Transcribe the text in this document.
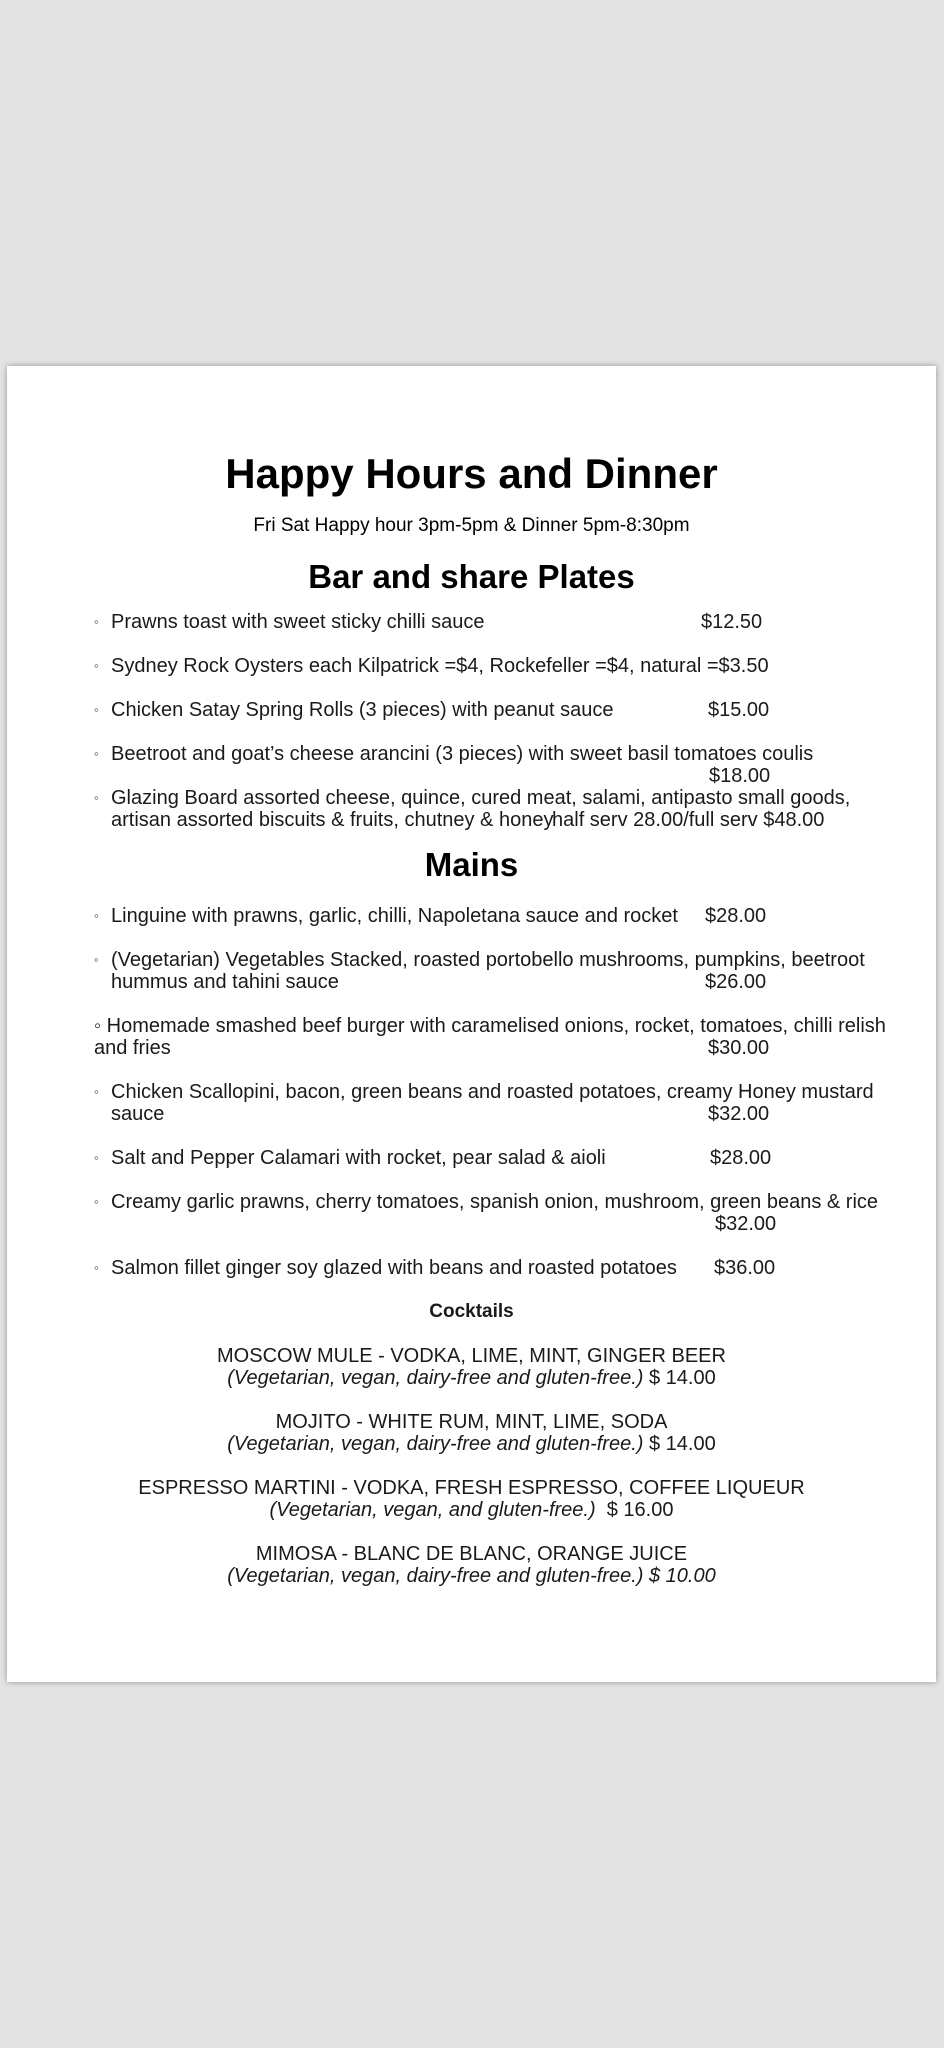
Happy Hours and Dinner
Fri Sat Happy hour 3pm-5pm & Dinner 5pm-8:30pm
Bar and share Plates
◦ Prawns toast with sweet sticky chilli sauce	$12.50
◦ Sydney Rock Oysters each Kilpatrick =$4, Rockefeller =$4, natural =$3.50
◦ Chicken Satay Spring Rolls (3 pieces) with peanut sauce	$15.00
◦ Beetroot and goat’s cheese arancini (3 pieces) with sweet basil tomatoes coulis
$18.00
◦ Glazing Board assorted cheese, quince, cured meat, salami, antipasto small goods,
artisan assorted biscuits & fruits, chutney & honey
half serv 28.00/full serv $48.00
Mains
◦ Linguine with prawns, garlic, chilli, Napoletana sauce and rocket $28.00
◦ (Vegetarian) Vegetables Stacked, roasted portobello mushrooms, pumpkins, beetroot
hummus and tahini sauce	$26.00
◦ Homemade smashed beef burger with caramelised onions, rocket, tomatoes, chilli relish
and fries	$30.00
◦ Chicken Scallopini, bacon, green beans and roasted potatoes, creamy Honey mustard
sauce	$32.00
◦ Salt and Pepper Calamari with rocket, pear salad & aioli	$28.00
◦ Creamy garlic prawns, cherry tomatoes, spanish onion, mushroom, green beans & rice
$32.00
◦ Salmon fillet ginger soy glazed with beans and roasted potatoes $36.00
Cocktails
MOSCOW MULE - VODKA, LIME, MINT, GINGER BEER
(Vegetarian, vegan, dairy-free and gluten-free.) $ 14.00
MOJITO - WHITE RUM, MINT, LIME, SODA
(Vegetarian, vegan, dairy-free and gluten-free.) $ 14.00
ESPRESSO MARTINI - VODKA, FRESH ESPRESSO, COFFEE LIQUEUR
(Vegetarian, vegan, and gluten-free.)  $ 16.00
MIMOSA - BLANC DE BLANC, ORANGE JUICE
(Vegetarian, vegan, dairy-free and gluten-free.) $ 10.00
